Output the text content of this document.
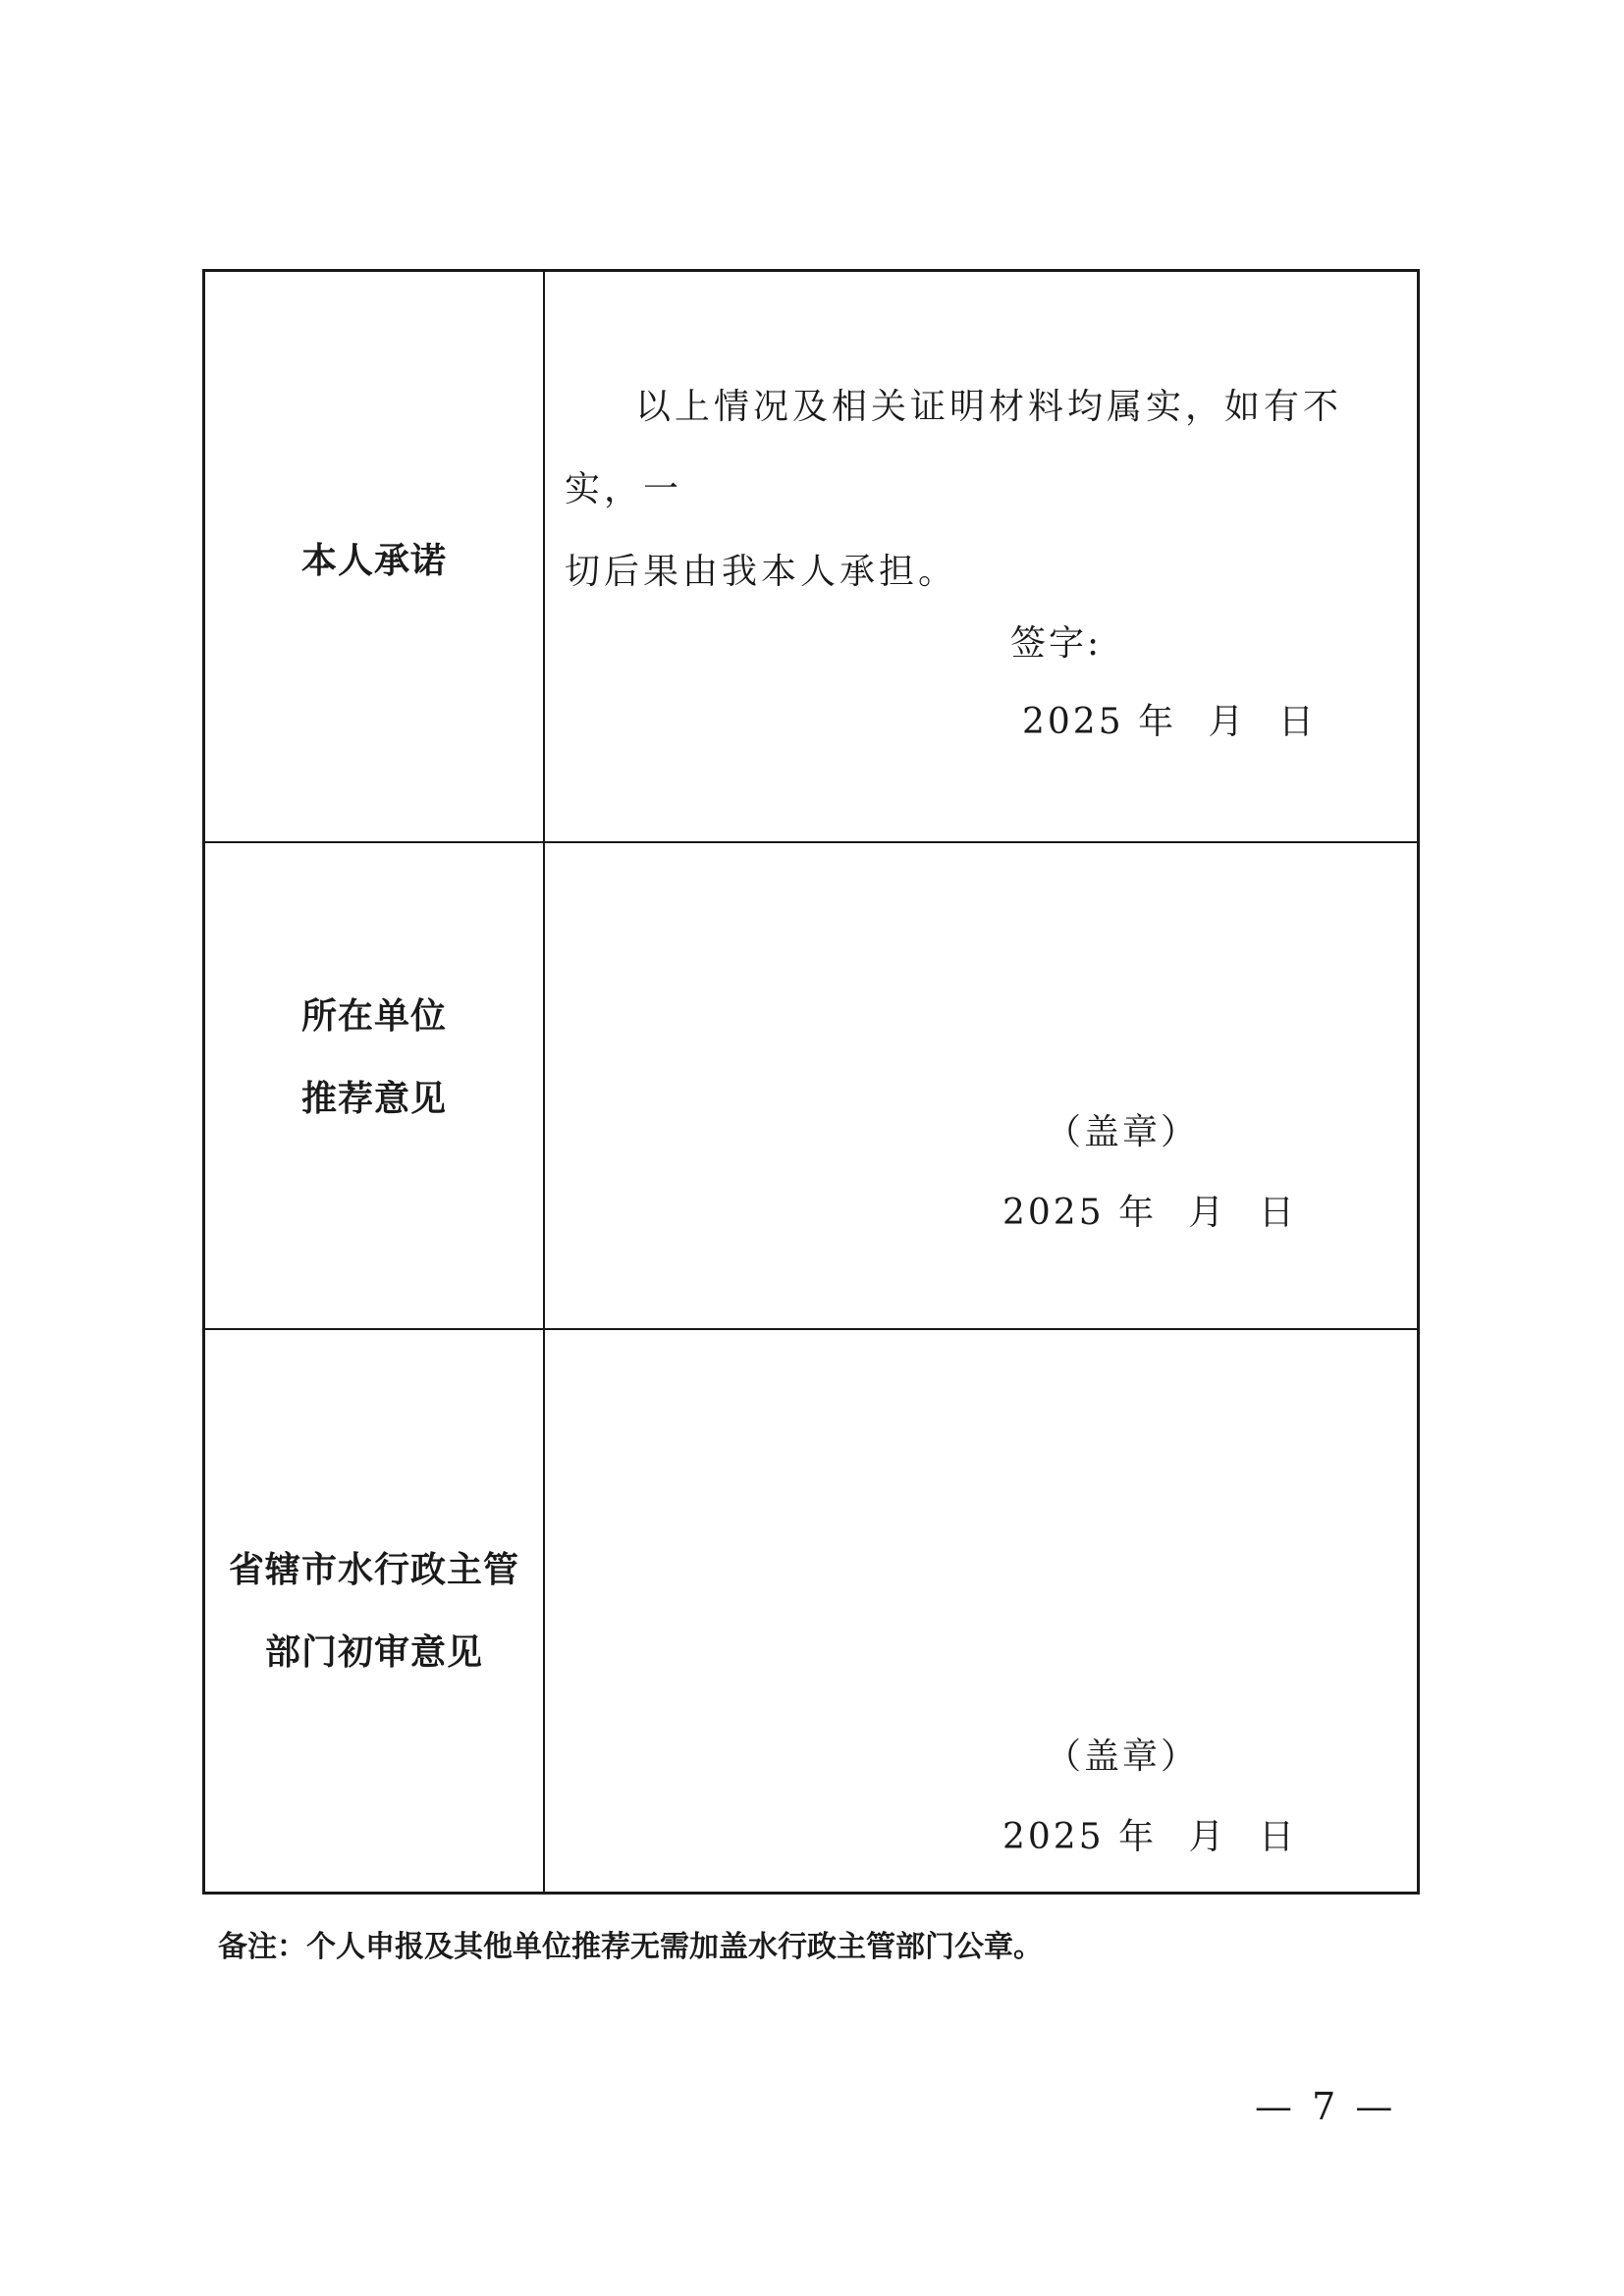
本人承诺
以上情况及相关证明材料均属实，如有不实，一
切后果由我本人承担。
签字:
2025 年 月 日
所在单位
推荐意见
（盖章）
2025 年 月 日
省辖市水行政主管
部门初审意见
（盖章）
2025 年 月 日
备注：个人申报及其他单位推荐无需加盖水行政主管部门公章。
— 7 —
